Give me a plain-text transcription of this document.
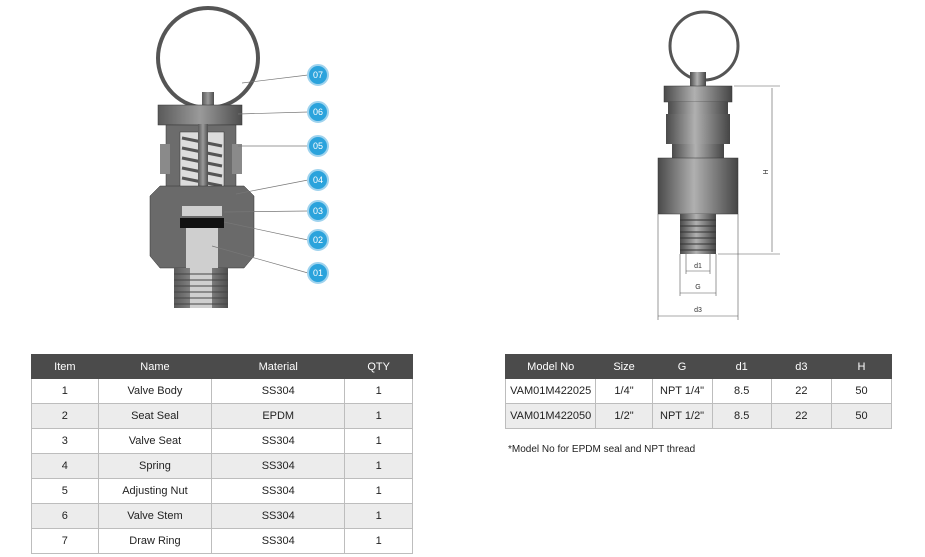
07
06
05
04
03
02
01
H
d1
G
d3
Item	Name	Material	QTY
1	Valve Body	SS304	1
2	Seat Seal	EPDM	1
3	Valve Seat	SS304	1
4	Spring	SS304	1
5	Adjusting Nut	SS304	1
6	Valve Stem	SS304	1
7	Draw Ring	SS304	1
Model No	Size	G	d1	d3	H
VAM01M422025	1/4"	NPT 1/4"	8.5	22	50
VAM01M422050	1/2"	NPT 1/2"	8.5	22	50
*Model No for EPDM seal and NPT thread
